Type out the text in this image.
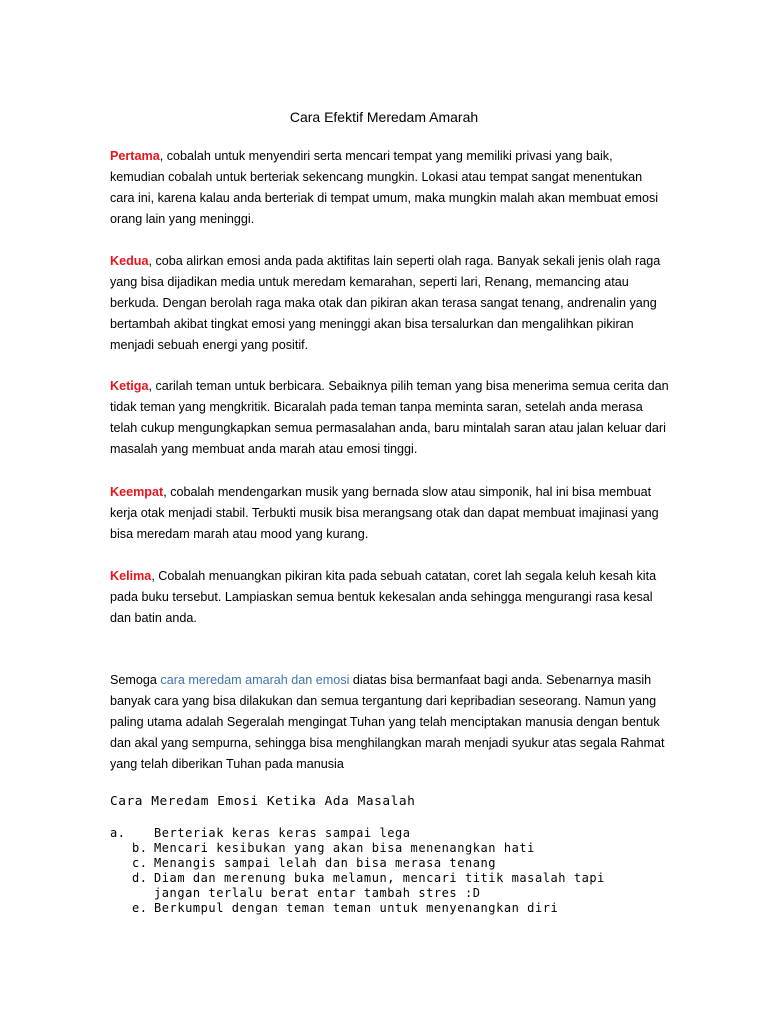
Cara Efektif Meredam Amarah

Pertama, cobalah untuk menyendiri serta mencari tempat yang memiliki privasi yang baik, kemudian cobalah untuk berteriak sekencang mungkin. Lokasi atau tempat sangat menentukan cara ini, karena kalau anda berteriak di tempat umum, maka mungkin malah akan membuat emosi orang lain yang meninggi.

Kedua, coba alirkan emosi anda pada aktifitas lain seperti olah raga. Banyak sekali jenis olah raga yang bisa dijadikan media untuk meredam kemarahan, seperti lari, Renang, memancing atau berkuda. Dengan berolah raga maka otak dan pikiran akan terasa sangat tenang, andrenalin yang bertambah akibat tingkat emosi yang meninggi akan bisa tersalurkan dan mengalihkan pikiran menjadi sebuah energi yang positif.

Ketiga, carilah teman untuk berbicara. Sebaiknya pilih teman yang bisa menerima semua cerita dan tidak teman yang mengkritik. Bicaralah pada teman tanpa meminta saran, setelah anda merasa telah cukup mengungkapkan semua permasalahan anda, baru mintalah saran atau jalan keluar dari masalah yang membuat anda marah atau emosi tinggi.

Keempat, cobalah mendengarkan musik yang bernada slow atau simponik, hal ini bisa membuat kerja otak menjadi stabil. Terbukti musik bisa merangsang otak dan dapat membuat imajinasi yang bisa meredam marah atau mood yang kurang.

Kelima, Cobalah menuangkan pikiran kita pada sebuah catatan, coret lah segala keluh kesah kita pada buku tersebut. Lampiaskan semua bentuk kekesalan anda sehingga mengurangi rasa kesal dan batin anda.

Semoga cara meredam amarah dan emosi diatas bisa bermanfaat bagi anda. Sebenarnya masih banyak cara yang bisa dilakukan dan semua tergantung dari kepribadian seseorang. Namun yang paling utama adalah Segeralah mengingat Tuhan yang telah menciptakan manusia dengan bentuk dan akal yang sempurna, sehingga bisa menghilangkan marah menjadi syukur atas segala Rahmat yang telah diberikan Tuhan pada manusia

Cara Meredam Emosi Ketika Ada Masalah
a. Berteriak keras keras sampai lega
b. Mencari kesibukan yang akan bisa menenangkan hati
c. Menangis sampai lelah dan bisa merasa tenang
d. Diam dan merenung buka melamun, mencari titik masalah tapi jangan terlalu berat entar tambah stres :D
e. Berkumpul dengan teman teman untuk menyenangkan diri
